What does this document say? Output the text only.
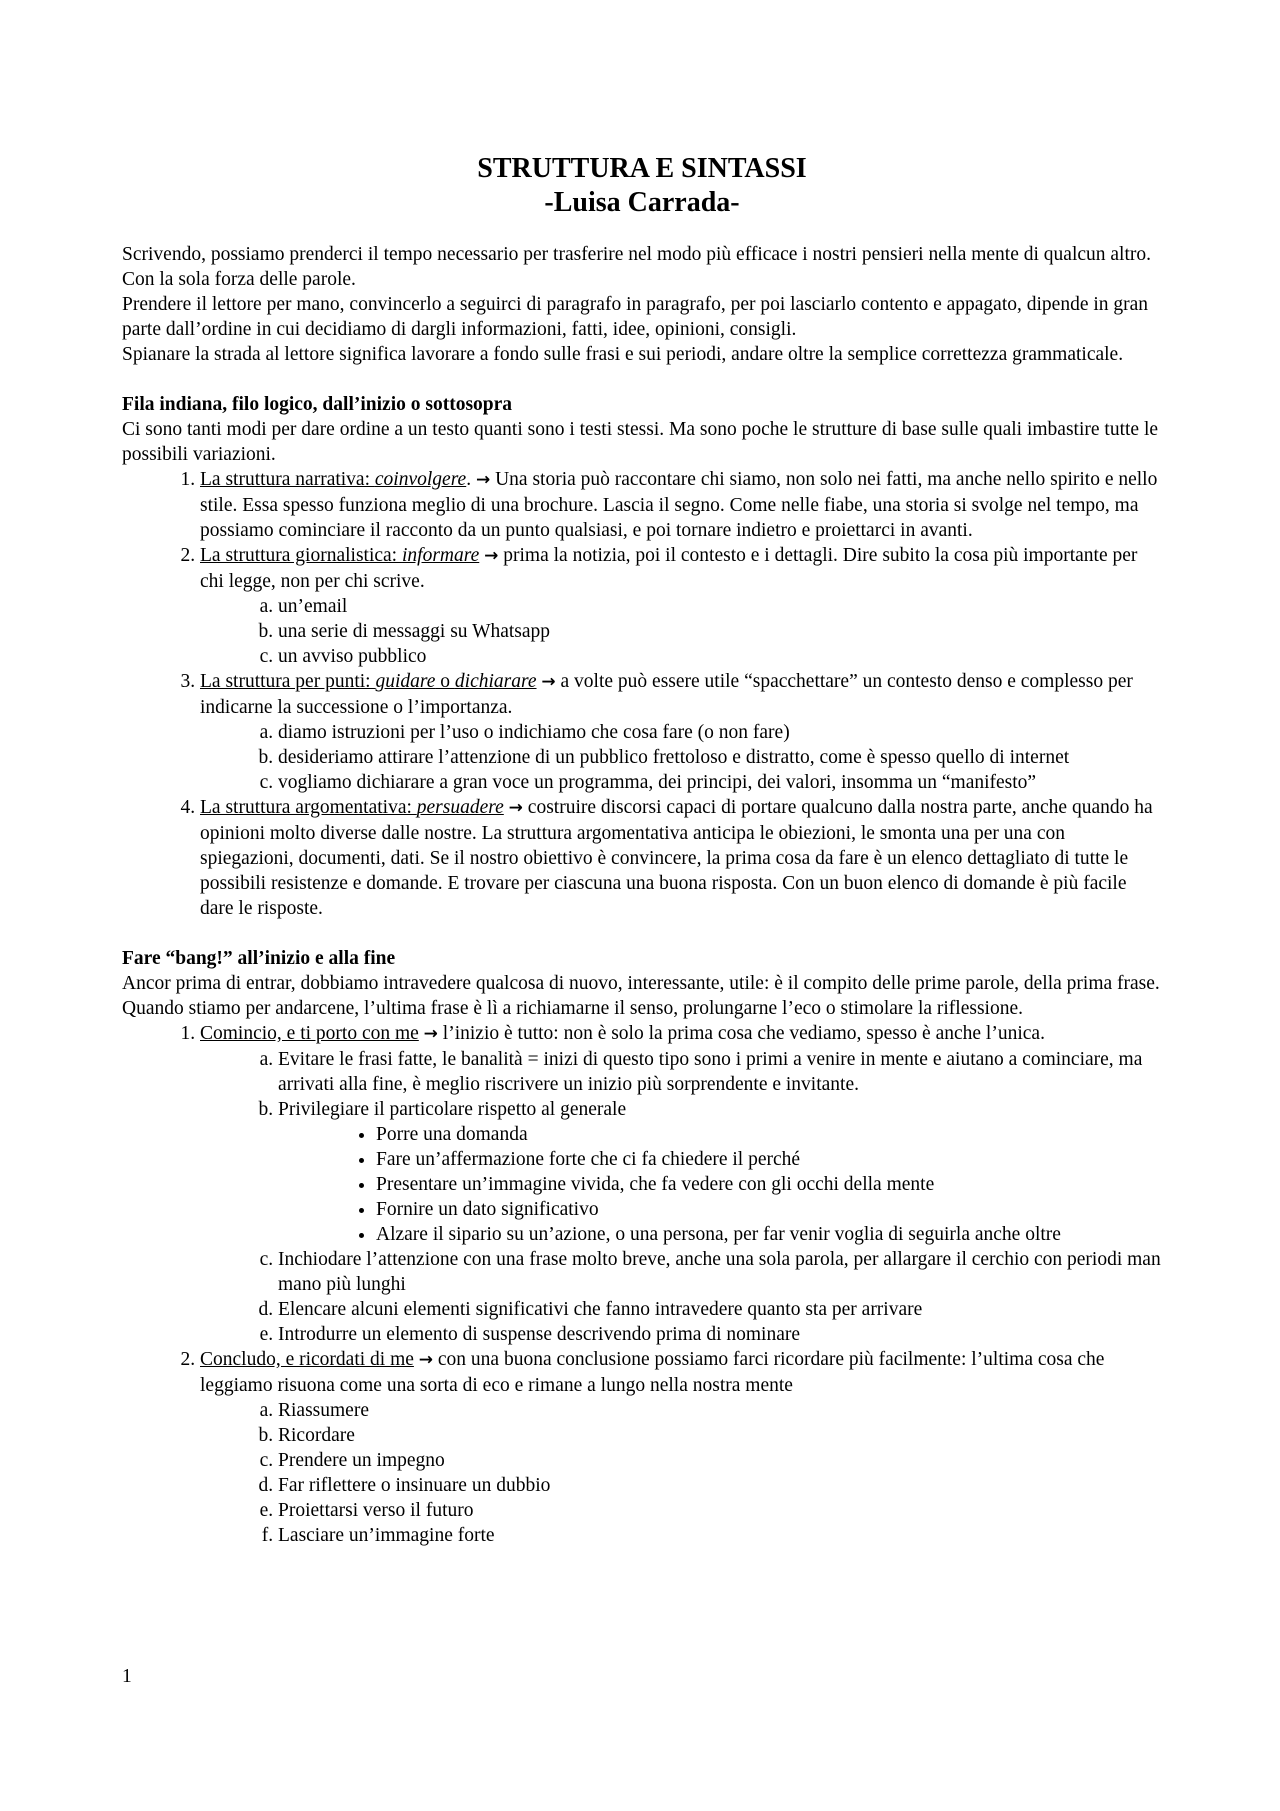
STRUTTURA E SINTASSI
-Luisa Carrada-

Scrivendo, possiamo prenderci il tempo necessario per trasferire nel modo più efficace i nostri pensieri nella mente di qualcun altro. Con la sola forza delle parole.

Prendere il lettore per mano, convincerlo a seguirci di paragrafo in paragrafo, per poi lasciarlo contento e appagato, dipende in gran parte dall’ordine in cui decidiamo di dargli informazioni, fatti, idee, opinioni, consigli.

Spianare la strada al lettore significa lavorare a fondo sulle frasi e sui periodi, andare oltre la semplice correttezza grammaticale.

Fila indiana, filo logico, dall’inizio o sottosopra

Ci sono tanti modi per dare ordine a un testo quanti sono i testi stessi. Ma sono poche le strutture di base sulle quali imbastire tutte le possibili variazioni.

1. La struttura narrativa: coinvolgere. → Una storia può raccontare chi siamo, non solo nei fatti, ma anche nello spirito e nello stile. Essa spesso funziona meglio di una brochure. Lascia il segno. Come nelle fiabe, una storia si svolge nel tempo, ma possiamo cominciare il racconto da un punto qualsiasi, e poi tornare indietro e proiettarci in avanti.
2. La struttura giornalistica: informare → prima la notizia, poi il contesto e i dettagli. Dire subito la cosa più importante per chi legge, non per chi scrive.
a. un’email
b. una serie di messaggi su Whatsapp
c. un avviso pubblico
3. La struttura per punti: guidare o dichiarare → a volte può essere utile “spacchettare” un contesto denso e complesso per indicarne la successione o l’importanza.
a. diamo istruzioni per l’uso o indichiamo che cosa fare (o non fare)
b. desideriamo attirare l’attenzione di un pubblico frettoloso e distratto, come è spesso quello di internet
c. vogliamo dichiarare a gran voce un programma, dei principi, dei valori, insomma un “manifesto”
4. La struttura argomentativa: persuadere → costruire discorsi capaci di portare qualcuno dalla nostra parte, anche quando ha opinioni molto diverse dalle nostre. La struttura argomentativa anticipa le obiezioni, le smonta una per una con spiegazioni, documenti, dati. Se il nostro obiettivo è convincere, la prima cosa da fare è un elenco dettagliato di tutte le possibili resistenze e domande. E trovare per ciascuna una buona risposta. Con un buon elenco di domande è più facile dare le risposte.

Fare “bang!” all’inizio e alla fine

Ancor prima di entrar, dobbiamo intravedere qualcosa di nuovo, interessante, utile: è il compito delle prime parole, della prima frase. Quando stiamo per andarcene, l’ultima frase è lì a richiamarne il senso, prolungarne l’eco o stimolare la riflessione.

1. Comincio, e ti porto con me → l’inizio è tutto: non è solo la prima cosa che vediamo, spesso è anche l’unica.
a. Evitare le frasi fatte, le banalità = inizi di questo tipo sono i primi a venire in mente e aiutano a cominciare, ma arrivati alla fine, è meglio riscrivere un inizio più sorprendente e invitante.
b. Privilegiare il particolare rispetto al generale
• Porre una domanda
• Fare un’affermazione forte che ci fa chiedere il perché
• Presentare un’immagine vivida, che fa vedere con gli occhi della mente
• Fornire un dato significativo
• Alzare il sipario su un’azione, o una persona, per far venir voglia di seguirla anche oltre
c. Inchiodare l’attenzione con una frase molto breve, anche una sola parola, per allargare il cerchio con periodi man mano più lunghi
d. Elencare alcuni elementi significativi che fanno intravedere quanto sta per arrivare
e. Introdurre un elemento di suspense descrivendo prima di nominare
2. Concludo, e ricordati di me → con una buona conclusione possiamo farci ricordare più facilmente: l’ultima cosa che leggiamo risuona come una sorta di eco e rimane a lungo nella nostra mente
a. Riassumere
b. Ricordare
c. Prendere un impegno
d. Far riflettere o insinuare un dubbio
e. Proiettarsi verso il futuro
f. Lasciare un’immagine forte
1
